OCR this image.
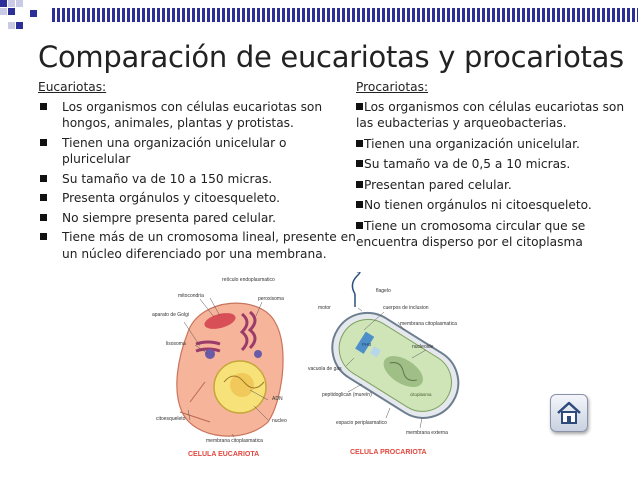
Comparación de eucariotas y procariotas
Eucariotas:
Los organismos con células eucariotas son hongos, animales, plantas y protistas.
Tienen una organización unicelular o pluricelular
Su tamaño va de 10 a 150 micras.
Presenta orgánulos y citoesqueleto.
No siempre presenta pared celular.
Tiene más de un cromosoma lineal, presente en un núcleo diferenciado por una membrana.
Procariotas:
Los organismos con células eucariotas son las eubacterias y arqueobacterias.
Tienen una organización unicelular.
Su tamaño va de 0,5 a 10 micras.
Presentan pared celular.
No tienen orgánulos ni citoesqueleto.
Tiene un cromosoma circular que se encuentra disperso por el citoplasma
retículo endoplasmatico
mitocondria	peroxisoma
aparato de Golgi
lisosoma
ADN
nucleo
citoesqueleto
membrana citoplasmatica
CELULA EUCARIOTA
flagelo
motor	cuerpos de inclusion
membrana citoplasmatica
nucleoide
PHB
vacuola de gas
citoplasma
peptidoglican (mureín)
espacio periplasmatico
membrana externa
CELULA PROCARIOTA
